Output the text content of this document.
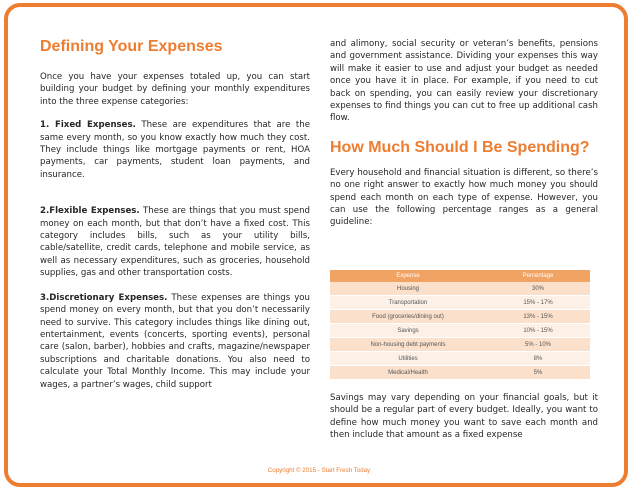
Defining Your Expenses

Once you have your expenses totaled up, you can start building your budget by defining your monthly expenditures into the three expense categories:

1. Fixed Expenses. These are expenditures that are the same every month, so you know exactly how much they cost. They include things like mortgage payments or rent, HOA payments, car payments, student loan payments, and insurance.

2.Flexible Expenses. These are things that you must spend money on each month, but that don’t have a fixed cost. This category includes bills, such as your utility bills, cable/satellite, credit cards, telephone and mobile service, as well as necessary expenditures, such as groceries, household supplies, gas and other transportation costs.

3.Discretionary Expenses. These expenses are things you spend money on every month, but that you don’t necessarily need to survive. This category includes things like dining out, entertainment, events (concerts, sporting events), personal care (salon, barber), hobbies and crafts, magazine/newspaper subscriptions and charitable donations. You also need to calculate your Total Monthly Income. This may include your wages, a partner’s wages, child support

and alimony, social security or veteran’s benefits, pensions and government assistance. Dividing your expenses this way will make it easier to use and adjust your budget as needed once you have it in place. For example, if you need to cut back on spending, you can easily review your discretionary expenses to find things you can cut to free up additional cash flow.

How Much Should I Be Spending?

Every household and financial situation is different, so there’s no one right answer to exactly how much money you should spend each month on each type of expense. However, you can use the following percentage ranges as a general guideline:

Expense	Percentage
Housing	30%
Transportation	15% - 17%
Food (groceries/dining out)	13% - 15%
Savings	10% - 15%
Non-housing debt payments	5% - 10%
Utilities	8%
Medical/Health	5%

Savings may vary depending on your financial goals, but it should be a regular part of every budget. Ideally, you want to define how much money you want to save each month and then include that amount as a fixed expense

Copyright © 2015 - Start Fresh Today
